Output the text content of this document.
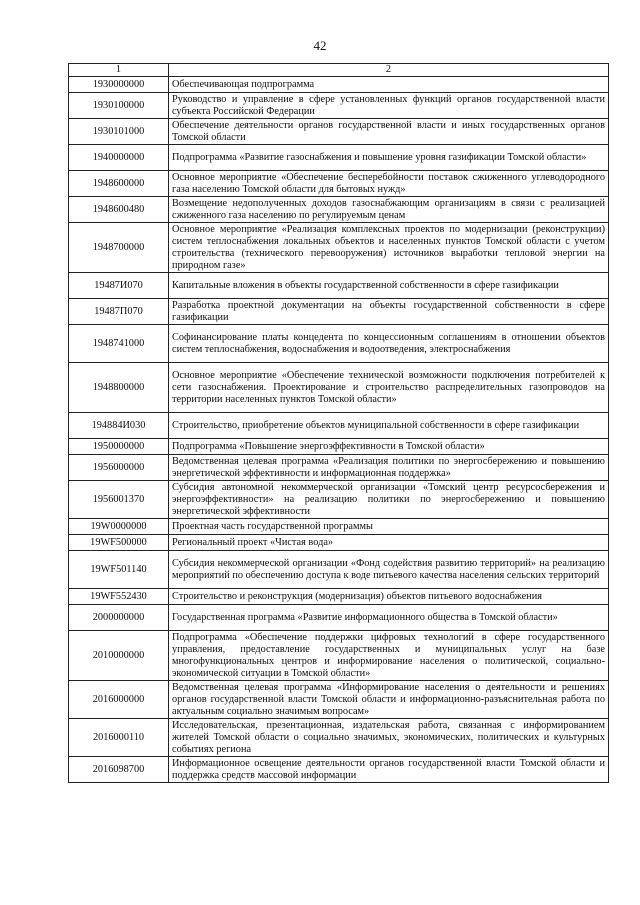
42
1	2
1930000000	Обеспечивающая подпрограмма
1930100000	Руководство и управление в сфере установленных функций органов государственной власти субъекта Российской Федерации
1930101000	Обеспечение деятельности органов государственной власти и иных государственных органов Томской области
1940000000	Подпрограмма «Развитие газоснабжения и повышение уровня газификации Томской области»
1948600000	Основное мероприятие «Обеспечение бесперебойности поставок сжиженного углеводородного газа населению Томской области для бытовых нужд»
1948600480	Возмещение недополученных доходов газоснабжающим организациям в связи с реализацией сжиженного газа населению по регулируемым ценам
1948700000	Основное мероприятие «Реализация комплексных проектов по модернизации (реконструкции) систем теплоснабжения локальных объектов и населенных пунктов Томской области с учетом строительства (технического перевооружения) источников выработки тепловой энергии на природном газе»
19487И070	Капитальные вложения в объекты государственной собственности в сфере газификации
19487П070	Разработка проектной документации на объекты государственной собственности в сфере газификации
1948741000	Софинансирование платы концедента по концессионным соглашениям в отношении объектов систем теплоснабжения, водоснабжения и водоотведения, электроснабжения
1948800000	Основное мероприятие «Обеспечение технической возможности подключения потребителей к сети газоснабжения. Проектирование и строительство распределительных газопроводов на территории населенных пунктов Томской области»
194884И030	Строительство, приобретение объектов муниципальной собственности в сфере газификации
1950000000	Подпрограмма «Повышение энергоэффективности в Томской области»
1956000000	Ведомственная целевая программа «Реализация политики по энергосбережению и повышению энергетической эффективности и информационная поддержка»
1956001370	Субсидия автономной некоммерческой организации «Томский центр ресурсосбережения и энергоэффективности» на реализацию политики по энергосбережению и повышению энергетической эффективности
19W0000000	Проектная часть государственной программы
19WF500000	Региональный проект «Чистая вода»
19WF501140	Субсидия некоммерческой организации «Фонд содействия развитию территорий» на реализацию мероприятий по обеспечению доступа к воде питьевого качества населения сельских территорий
19WF552430	Строительство и реконструкция (модернизация) объектов питьевого водоснабжения
2000000000	Государственная программа «Развитие информационного общества в Томской области»
2010000000	Подпрограмма «Обеспечение поддержки цифровых технологий в сфере государственного управления, предоставление государственных и муниципальных услуг на базе многофункциональных центров и информирование населения о политической, социально-экономической ситуации в Томской области»
2016000000	Ведомственная целевая программа «Информирование населения о деятельности и решениях органов государственной власти Томской области и информационно-разъяснительная работа по актуальным социально значимым вопросам»
2016000110	Исследовательская, презентационная, издательская работа, связанная с информированием жителей Томской области о социально значимых, экономических, политических и культурных событиях региона
2016098700	Информационное освещение деятельности органов государственной власти Томской области и поддержка средств массовой информации
